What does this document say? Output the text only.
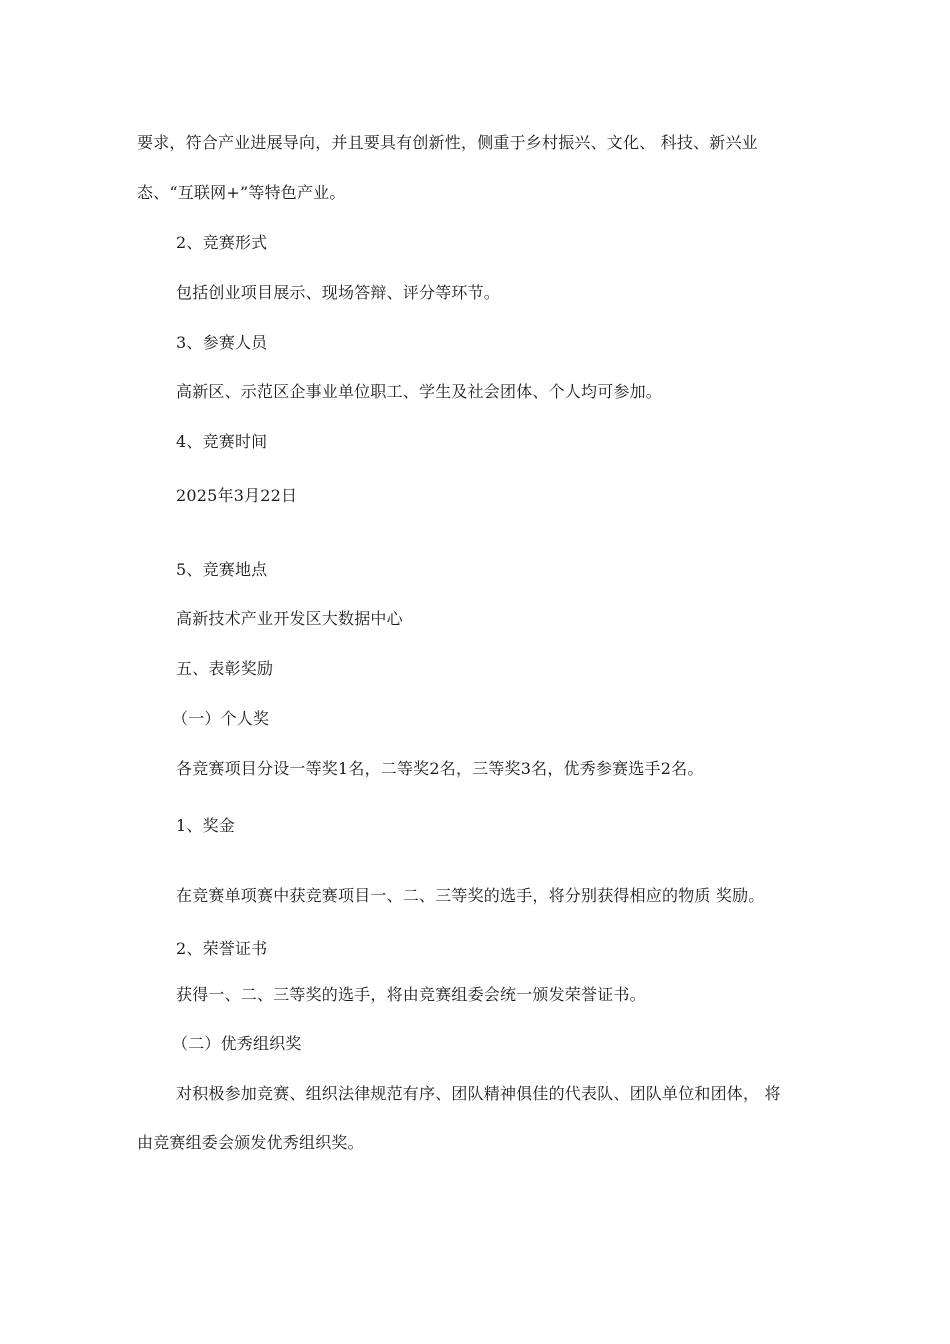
要求，符合产业进展导向，并且要具有创新性，侧重于乡村振兴、文化、 科技、新兴业
态、“互联网+”等特色产业。
2、竞赛形式
包括创业项目展示、现场答辩、评分等环节。
3、参赛人员
高新区、示范区企事业单位职工、学生及社会团体、个人均可参加。
4、竞赛时间
2025年3月22日
5、竞赛地点
高新技术产业开发区大数据中心
五、表彰奖励
（一）个人奖
各竞赛项目分设一等奖1名，二等奖2名，三等奖3名，优秀参赛选手2名。
1、奖金
在竞赛单项赛中获竞赛项目一、二、三等奖的选手，将分别获得相应的物质 奖励。
2、荣誉证书
获得一、二、三等奖的选手，将由竞赛组委会统一颁发荣誉证书。
（二）优秀组织奖
对积极参加竞赛、组织法律规范有序、团队精神俱佳的代表队、团队单位和团体， 将
由竞赛组委会颁发优秀组织奖。
